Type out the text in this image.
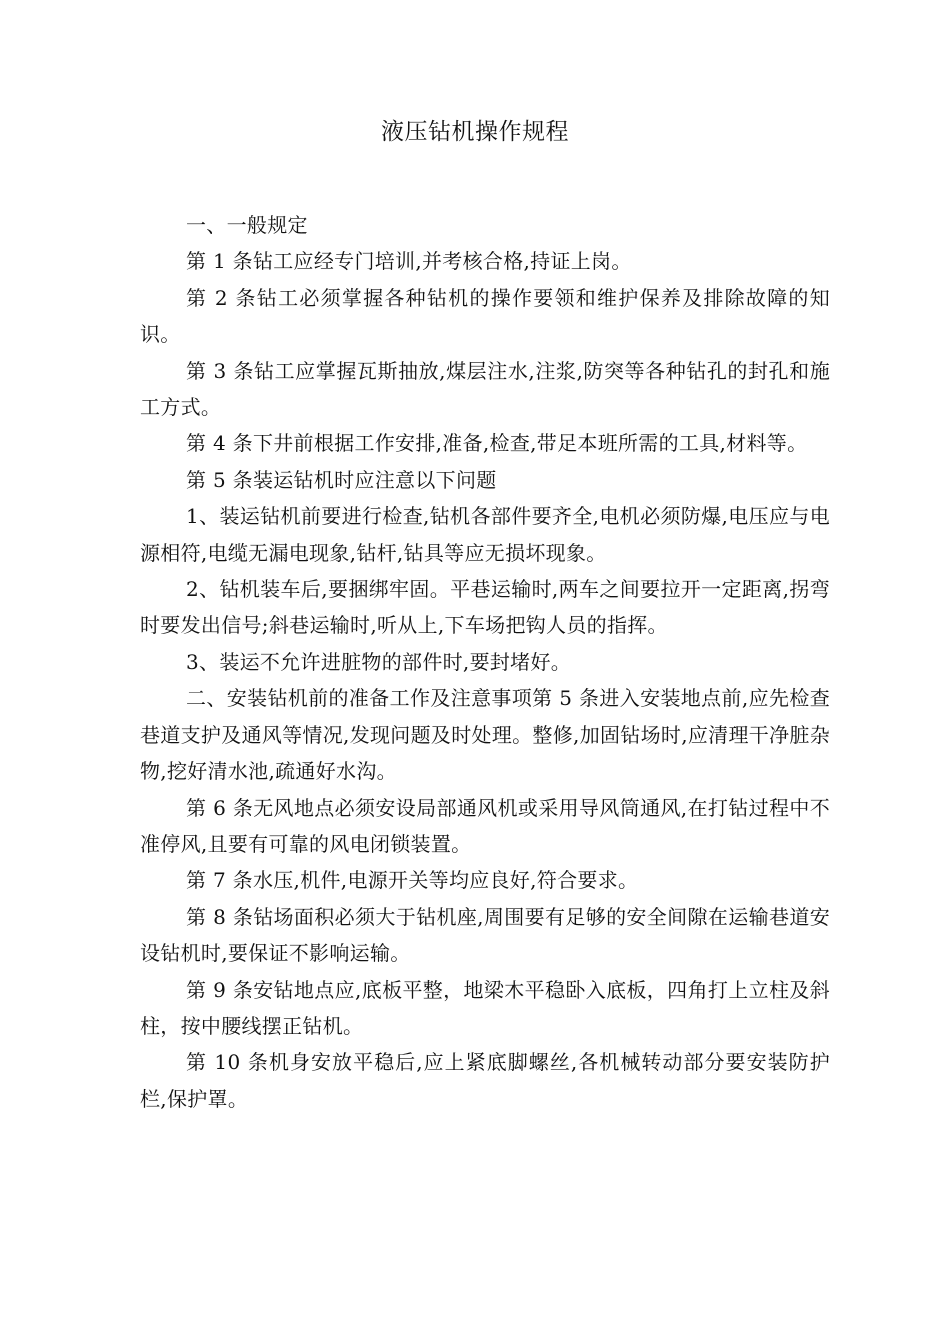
液压钻机操作规程

一、一般规定

第 1 条钻工应经专门培训,并考核合格,持证上岗。

第 2 条钻工必须掌握各种钻机的操作要领和维护保养及排除故障的知识。

第 3 条钻工应掌握瓦斯抽放,煤层注水,注浆,防突等各种钻孔的封孔和施工方式。

第 4 条下井前根据工作安排,准备,检查,带足本班所需的工具,材料等。

第 5 条装运钻机时应注意以下问题

1、装运钻机前要进行检查,钻机各部件要齐全,电机必须防爆,电压应与电源相符,电缆无漏电现象,钻杆,钻具等应无损坏现象。

2、钻机装车后,要捆绑牢固。平巷运输时,两车之间要拉开一定距离,拐弯时要发出信号;斜巷运输时,听从上,下车场把钩人员的指挥。

3、装运不允许进脏物的部件时,要封堵好。

二、安装钻机前的准备工作及注意事项第 5 条进入安装地点前,应先检查巷道支护及通风等情况,发现问题及时处理。整修,加固钻场时,应清理干净脏杂物,挖好清水池,疏通好水沟。

第 6 条无风地点必须安设局部通风机或采用导风筒通风,在打钻过程中不准停风,且要有可靠的风电闭锁装置。

第 7 条水压,机件,电源开关等均应良好,符合要求。

第 8 条钻场面积必须大于钻机座,周围要有足够的安全间隙在运输巷道安设钻机时,要保证不影响运输。

第 9 条安钻地点应,底板平整，地梁木平稳卧入底板，四角打上立柱及斜柱，按中腰线摆正钻机。

第 10 条机身安放平稳后,应上紧底脚螺丝,各机械转动部分要安装防护栏,保护罩。
